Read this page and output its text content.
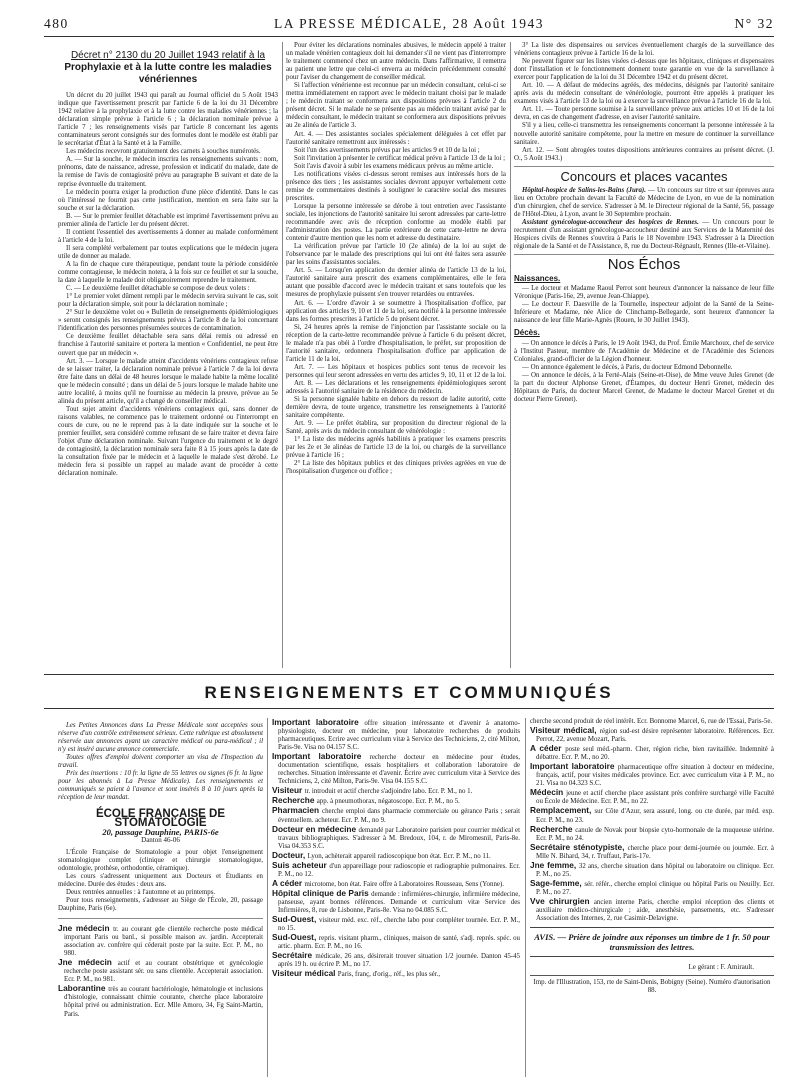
480	LA PRESSE MÉDICALE, 28 Août 1943	N° 32
Décret n° 2130 du 20 Juillet 1943 relatif à la
Prophylaxie et à la lutte contre les maladies vénériennes

Un décret du 20 juillet 1943 qui paraît au Journal officiel du 5 Août 1943 indique que l'avertissement prescrit par l'article 6 de la loi du 31 Décembre 1942 relative à la prophylaxie et à la lutte contre les maladies vénériennes ; la déclaration simple prévue à l'article 6 ; la déclaration nominale prévue à l'article 7 ; les renseignements visés par l'article 8 concernant les agents contaminateurs seront consignés sur des formules dont le modèle est établi par le secrétariat d'État à la Santé et à la Famille.

Les médecins recevront gratuitement des carnets à souches numérotés.

A. — Sur la souche, le médecin inscrira les renseignements suivants : nom, prénoms, date de naissance, adresse, profession et indicatif du malade, date de la remise de l'avis de contagiosité prévu au paragraphe B suivant et date de la reprise éventuelle du traitement.

Le médecin pourra exiger la production d'une pièce d'identité. Dans le cas où l'intéressé ne fournit pas cette justification, mention en sera faite sur la souche et sur la déclaration.

B. — Sur le premier feuillet détachable est imprimé l'avertissement prévu au premier alinéa de l'article 1er du présent décret.

Il contient l'essentiel des avertissements à donner au malade conformément à l'article 4 de la loi.

Il sera complété verbalement par toutes explications que le médecin jugera utile de donner au malade.

A la fin de chaque cure thérapeutique, pendant toute la période considérée comme contagieuse, le médecin notera, à la fois sur ce feuillet et sur la souche, la date à laquelle le malade doit obligatoirement reprendre le traitement.

C. — Le deuxième feuillet détachable se compose de deux volets :

1° Le premier volet dûment rempli par le médecin servira suivant le cas, soit pour la déclaration simple, soit pour la déclaration nominale ;

2° Sur le deuxième volet ou « Bulletin de renseignements épidémiologiques » seront consignés les renseignements prévus à l'article 8 de la loi concernant l'identification des personnes présumées sources de contamination.

Ce deuxième feuillet détachable sera sans délai remis ou adressé en franchise à l'autorité sanitaire et portera la mention « Confidentiel, ne peut être ouvert que par un médecin ».

Art. 3. — Lorsque le malade atteint d'accidents vénériens contagieux refuse de se laisser traiter, la déclaration nominale prévue à l'article 7 de la loi devra être faite dans un délai de 48 heures lorsque le malade habite la même localité que le médecin consulté ; dans un délai de 5 jours lorsque le malade habite une autre localité, à moins qu'il ne fournisse au médecin la preuve, prévue au 5e alinéa du présent article, qu'il a changé de conseiller médical.

Tout sujet atteint d'accidents vénériens contagieux qui, sans donner de raisons valables, ne commence pas le traitement ordonné ou l'interrompt en cours de cure, ou ne le reprend pas à la date indiquée sur la souche et le premier feuillet, sera considéré comme refusant de se faire traiter et devra faire l'objet d'une déclaration nominale. Suivant l'urgence du traitement et le degré de contagiosité, la déclaration nominale sera faite 8 à 15 jours après la date de la consultation fixée par le médecin et à laquelle le malade s'est dérobé. Le médecin fera si possible un rappel au malade avant de procéder à cette déclaration nominale.

Pour éviter les déclarations nominales abusives, le médecin appelé à traiter un malade vénérien contagieux doit lui demander s'il ne vient pas d'interrompre le traitement commencé chez un autre médecin. Dans l'affirmative, il remettra au patient une lettre que celui-ci enverra au médecin précédemment consulté pour l'aviser du changement de conseiller médical.

Si l'affection vénérienne est reconnue par un médecin consultant, celui-ci se mettra immédiatement en rapport avec le médecin traitant choisi par le malade ; le médecin traitant se conformera aux dispositions prévues à l'article 2 du présent décret. Si le malade ne se présente pas au médecin traitant avisé par le médecin consultant, le médecin traitant se conformera aux dispositions prévues au 2e alinéa de l'article 3.

Art. 4. — Des assistantes sociales spécialement déléguées à cet effet par l'autorité sanitaire remettront aux intéressés :

Soit l'un des avertissements prévus par les articles 9 et 10 de la loi ;

Soit l'invitation à présenter le certificat médical prévu à l'article 13 de la loi ;

Soit l'avis d'avoir à subir les examens médicaux prévus au même article.

Les notifications visées ci-dessus seront remises aux intéressés hors de la présence des tiers ; les assistantes sociales devront appuyer verbalement cette remise de commentaires destinés à souligner le caractère social des mesures prescrites.

Lorsque la personne intéressée se dérobe à tout entretien avec l'assistante sociale, les injonctions de l'autorité sanitaire lui seront adressées par carte-lettre recommandée avec avis de réception conforme au modèle établi par l'administration des postes. La partie extérieure de cette carte-lettre ne devra contenir d'autre mention que les nom et adresse du destinataire.

La vérification prévue par l'article 10 (2e alinéa) de la loi au sujet de l'observance par le malade des prescriptions qui lui ont été faites sera assurée par les soins d'assistantes sociales.

Art. 5. — Lorsqu'en application du dernier alinéa de l'article 13 de la loi, l'autorité sanitaire aura prescrit des examens complémentaires, elle le fera autant que possible d'accord avec le médecin traitant et sans toutefois que les mesures de prophylaxie puissent s'en trouver retardées ou entravées.

Art. 6. — L'ordre d'avoir à se soumettre à l'hospitalisation d'office, par application des articles 9, 10 et 11 de la loi, sera notifié à la personne intéressée dans les formes prescrites à l'article 5 du présent décret.

Si, 24 heures après la remise de l'injonction par l'assistante sociale ou la réception de la carte-lettre recommandée prévue à l'article 6 du présent décret, le malade n'a pas obéi à l'ordre d'hospitalisation, le préfet, sur proposition de l'autorité sanitaire, ordonnera l'hospitalisation d'office par application de l'article 11 de la loi.

Art. 7. — Les hôpitaux et hospices publics sont tenus de recevoir les personnes qui leur seront adressées en vertu des articles 9, 10, 11 et 12 de la loi.

Art. 8. — Les déclarations et les renseignements épidémiologiques seront adressés à l'autorité sanitaire de la résidence du médecin.

Si la personne signalée habite en dehors du ressort de ladite autorité, cette dernière devra, de toute urgence, transmettre les renseignements à l'autorité sanitaire compétente.

Art. 9. — Le préfet établira, sur proposition du directeur régional de la Santé, après avis du médecin consultant de vénéréologie :

1° La liste des médecins agréés habilités à pratiquer les examens prescrits par les 2e et 3e alinéas de l'article 13 de la loi, ou chargés de la surveillance prévue à l'article 16 ;

2° La liste des hôpitaux publics et des cliniques privées agréées en vue de l'hospitalisation d'urgence ou d'office ;

3° La liste des dispensaires ou services éventuellement chargés de la surveillance des vénériens contagieux prévue à l'article 16 de la loi.

Ne peuvent figurer sur les listes visées ci-dessus que les hôpitaux, cliniques et dispensaires dont l'installation et le fonctionnement donnent toute garantie en vue de la surveillance à exercer pour l'application de la loi du 31 Décembre 1942 et du présent décret.

Art. 10. — A défaut de médecins agréés, des médecins, désignés par l'autorité sanitaire après avis du médecin consultant de vénéréologie, pourront être appelés à pratiquer les examens visés à l'article 13 de la loi ou à exercer la surveillance prévue à l'article 16 de la loi.

Art. 11. — Toute personne soumise à la surveillance prévue aux articles 10 et 16 de la loi devra, en cas de changement d'adresse, en aviser l'autorité sanitaire.

S'il y a lieu, celle-ci transmettra les renseignements concernant la personne intéressée à la nouvelle autorité sanitaire compétente, pour la mettre en mesure de continuer la surveillance sanitaire.

Art. 12. — Sont abrogées toutes dispositions antérieures contraires au présent décret. (J. O., 5 Août 1943.)

Concours et places vacantes

Hôpital-hospice de Salins-les-Bains (Jura). — Un concours sur titre et sur épreuves aura lieu en Octobre prochain devant la Faculté de Médecine de Lyon, en vue de la nomination d'un chirurgien, chef de service. S'adresser à M. le Directeur régional de la Santé, 56, passage de l'Hôtel-Dieu, à Lyon, avant le 30 Septembre prochain.

Assistant gynécologue-accoucheur des hospices de Rennes. — Un concours pour le recrutement d'un assistant gynécologue-accoucheur destiné aux Services de la Maternité des Hospices civils de Rennes s'ouvrira à Paris le 18 Novembre 1943. S'adresser à la Direction régionale de la Santé et de l'Assistance, 8, rue du Docteur-Régnault, Rennes (Ille-et-Vilaine).

Nos Échos
Naissances.

— Le docteur et Madame Raoul Perrot sont heureux d'annoncer la naissance de leur fille Véronique (Paris-16e, 29, avenue Jean-Chiappe).

— Le docteur F. Daesville de la Tournelle, inspecteur adjoint de la Santé de la Seine-Inférieure et Madame, née Alice de Clinchamp-Bellegarde, sont heureux d'annoncer la naissance de leur fille Marie-Agnès (Rouen, le 30 Juillet 1943).

Décès.

— On annonce le décès à Paris, le 19 Août 1943, du Prof. Émile Marchoux, chef de service à l'Institut Pasteur, membre de l'Académie de Médecine et de l'Académie des Sciences Coloniales, grand-officier de la Légion d'honneur.

— On annonce également le décès, à Paris, du docteur Edmond Debonnelle.

— On annonce le décès, à la Ferté-Alais (Seine-et-Oise), de Mme veuve Jules Grenet (de la part du docteur Alphonse Grenet, d'Étampes, du docteur Henri Grenet, médecin des Hôpitaux de Paris, du docteur Marcel Grenet, de Madame le docteur Marcel Grenet et du docteur Pierre Grenet).

RENSEIGNEMENTS ET COMMUNIQUÉS

Les Petites Annonces dans La Presse Médicale sont acceptées sous réserve d'un contrôle extrêmement sérieux. Cette rubrique est absolument réservée aux annonces ayant un caractère médical ou para-médical ; il n'y est inséré aucune annonce commerciale.

Toutes offres d'emploi doivent comporter un visa de l'Inspection du travail.

Prix des insertions : 10 fr. la ligne de 55 lettres ou signes (6 fr. la ligne pour les abonnés à La Presse Médicale). Les renseignements et communiqués se paient à l'avance et sont insérés 8 à 10 jours après la réception de leur mandat.

ÉCOLE FRANÇAISE DE STOMATOLOGIE
20, passage Dauphine, PARIS-6e
Danton 46-06

L'École Française de Stomatologie a pour objet l'enseignement stomatologique complet (clinique et chirurgie stomatologique, odontologie, prothèse, orthodontie, céramique).

Les cours s'adressent uniquement aux Docteurs et Étudiants en médecine. Durée des études : deux ans.

Deux rentrées annuelles : à l'automne et au printemps.

Pour tous renseignements, s'adresser au Siège de l'École, 20, passage Dauphine, Paris (6e).

Jne médecin tr. au courant gde clientèle recherche poste médical important Paris ou banl., si possible maison av. jardin. Accepterait association av. confrère qui céderait poste par la suite. Ecr. P. M., no 980.

Jne médecin actif et au courant obstétrique et gynécologie recherche poste assistant sér. ou sans clientèle. Accepterait association. Ecr. P. M., no 981.

Laborantine très au courant bactériologie, hématologie et inclusions d'histologie, connaissant chimie courante, cherche place laboratoire hôpital privé ou administration. Ecr. Mlle Amoro, 34, Fg Saint-Martin, Paris.

Important laboratoire offre situation intéressante et d'avenir à anatomo-physiologiste, docteur en médecine, pour laboratoire recherches de produits pharmaceutiques. Ecrire avec curriculum vitæ à Service des Techniciens, 2, cité Milton, Paris-9e. Visa no 04.157 S.C.

Important laboratoire recherche docteur en médecine pour études, documentation scientifique, essais hospitaliers et collaboration laboratoire de recherches. Situation intéressante et d'avenir. Écrire avec curriculum vitæ à Service des Techniciens, 2, cité Milton, Paris-9e. Visa 04.155 S.C.

Visiteur tr. introduit et actif cherche s'adjoindre labo. Ecr. P. M., no 1.

Recherche app. à pneumothorax, négatoscope. Ecr. P. M., no 5.

Pharmacien cherche emploi dans pharmacie commerciale ou gérance Paris ; serait éventuellem. acheteur. Ecr. P. M., no 9.

Docteur en médecine demandé par Laboratoire parisien pour courrier médical et travaux bibliographiques. S'adresser à M. Bredoux, 104, r. de Miromesnil, Paris-8e. Visa 04.353 S.C.

Docteur, Lyon, achèterait appareil radioscopique bon état. Ecr. P. M., no 11.

Suis acheteur d'un appareillage pour radioscopie et radiographie pulmonaires. Ecr. P. M., no 12.

A céder microtome, bon état. Faire offre à Laboratoires Rousseau, Sens (Yonne).

Hôpital clinique de Paris demande : infirmières-chirurgie, infirmière médecine, panseuse, ayant bonnes références. Demande et curriculum vitæ Service des Infirmières, 8, rue de Lisbonne, Paris-8e. Visa no 04.085 S.C.

Sud-Ouest, visiteur méd. exc. réf., cherche labo pour compléter tournée. Ecr. P. M., no 15.

Sud-Ouest, repris. visitant pharm., cliniques, maison de santé, s'adj. représ. spéc. ou artic. pharm. Ecr. P. M., no 16.

Secrétaire médicale, 26 ans, désirerait trouver situation 1/2 journée. Danton 45-45 après 19 h. ou écrire P. M., no 17.

Visiteur médical Paris, franç, d'orig., réf., les plus sér.,

cherche second produit de réel intérêt. Ecr. Bonnome Marcel, 6, rue de l'Essai, Paris-5e.

Visiteur médical, région sud-est désire représenter laboratoire. Références. Ecr. Perrot, 22, avenue Mozart, Paris.

A céder poste seul méd.-pharm. Cher, région riche, bien ravitaillée. Indemnité à débattre. Ecr. P. M., no 20.

Important laboratoire pharmaceutique offre situation à docteur en médecine, français, actif, pour visites médicales province. Ecr. avec curriculum vitæ à P. M., no 21. Visa no 04.323 S.C.

Médecin jeune et actif cherche place assistant près confrère surchargé ville Faculté ou École de Médecine. Ecr. P. M., no 22.

Remplacement, sur Côte d'Azur, sera assuré, long. ou cte durée, par méd. exp. Ecr. P. M., no 23.

Recherche canule de Novak pour biopsie cyto-hormonale de la muqueuse utérine. Ecr. P. M., no 24.

Secrétaire sténotypiste, cherche place pour demi-journée ou journée. Ecr. à Mlle N. Bihard, 34, r. Truffaut, Paris-17e.

Jne femme, 32 ans, cherche situation dans hôpital ou laboratoire ou clinique. Ecr. P. M., no 25.

Sage-femme, sér. référ., cherche emploi clinique ou hôpital Paris ou Neuilly. Ecr. P. M., no 27.

Vve chirurgien ancien interne Paris, cherche emploi réception des clients et auxiliaire médico-chirurgicale ; aide, anesthésie, pansements, etc. S'adresser Association des Internes, 2, rue Casimir-Delavigne.

AVIS. — Prière de joindre aux réponses un timbre de 1 fr. 50 pour transmission des lettres.
Le gérant : F. Amirault.
Imp. de l'Illustration, 153, rte de Saint-Denis, Bobigny (Seine). Numéro d'autorisation 88.
